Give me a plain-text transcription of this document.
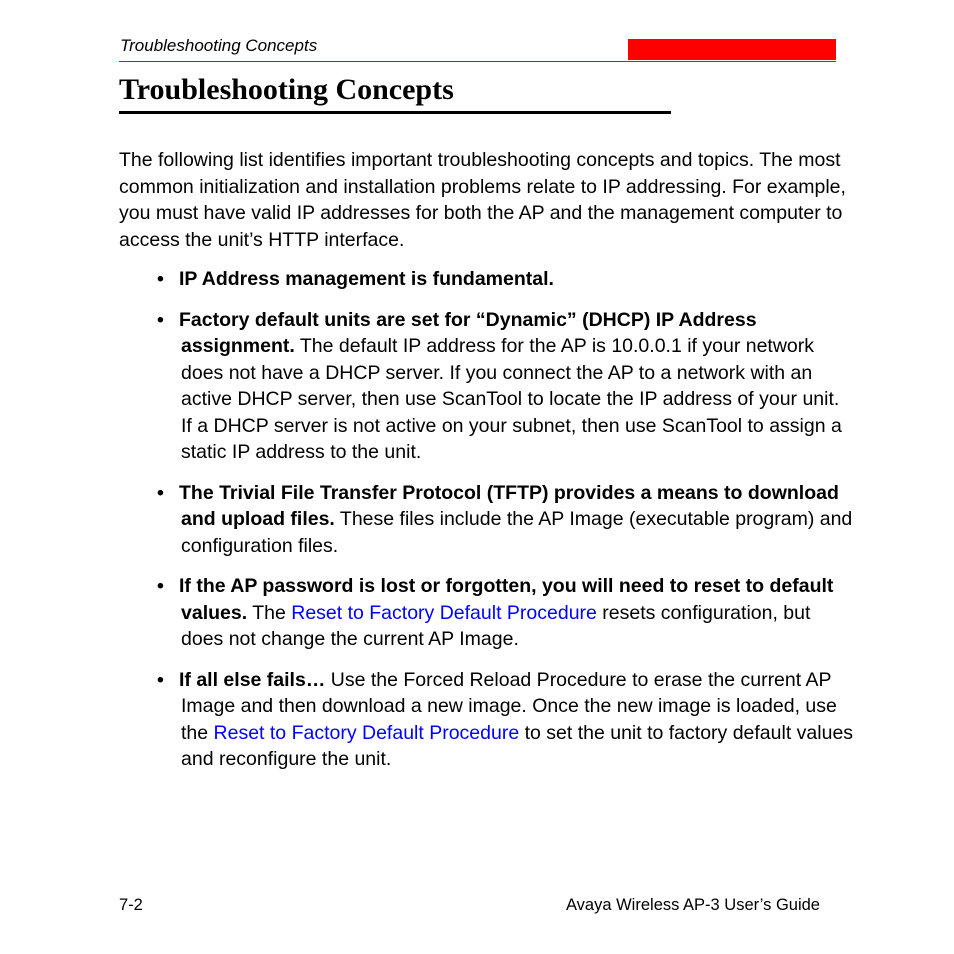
Troubleshooting Concepts
Troubleshooting Concepts

The following list identifies important troubleshooting concepts and topics. The most common initialization and installation problems relate to IP addressing. For example, you must have valid IP addresses for both the AP and the management computer to access the unit’s HTTP interface.

• IP Address management is fundamental.
• Factory default units are set for “Dynamic” (DHCP) IP Address assignment. The default IP address for the AP is 10.0.0.1 if your network does not have a DHCP server. If you connect the AP to a network with an active DHCP server, then use ScanTool to locate the IP address of your unit. If a DHCP server is not active on your subnet, then use ScanTool to assign a static IP address to the unit.
• The Trivial File Transfer Protocol (TFTP) provides a means to download and upload files. These files include the AP Image (executable program) and configuration files.
• If the AP password is lost or forgotten, you will need to reset to default values. The Reset to Factory Default Procedure resets configuration, but does not change the current AP Image.
• If all else fails… Use the Forced Reload Procedure to erase the current AP Image and then download a new image. Once the new image is loaded, use the Reset to Factory Default Procedure to set the unit to factory default values and reconfigure the unit.
7-2	Avaya Wireless AP-3 User’s Guide
